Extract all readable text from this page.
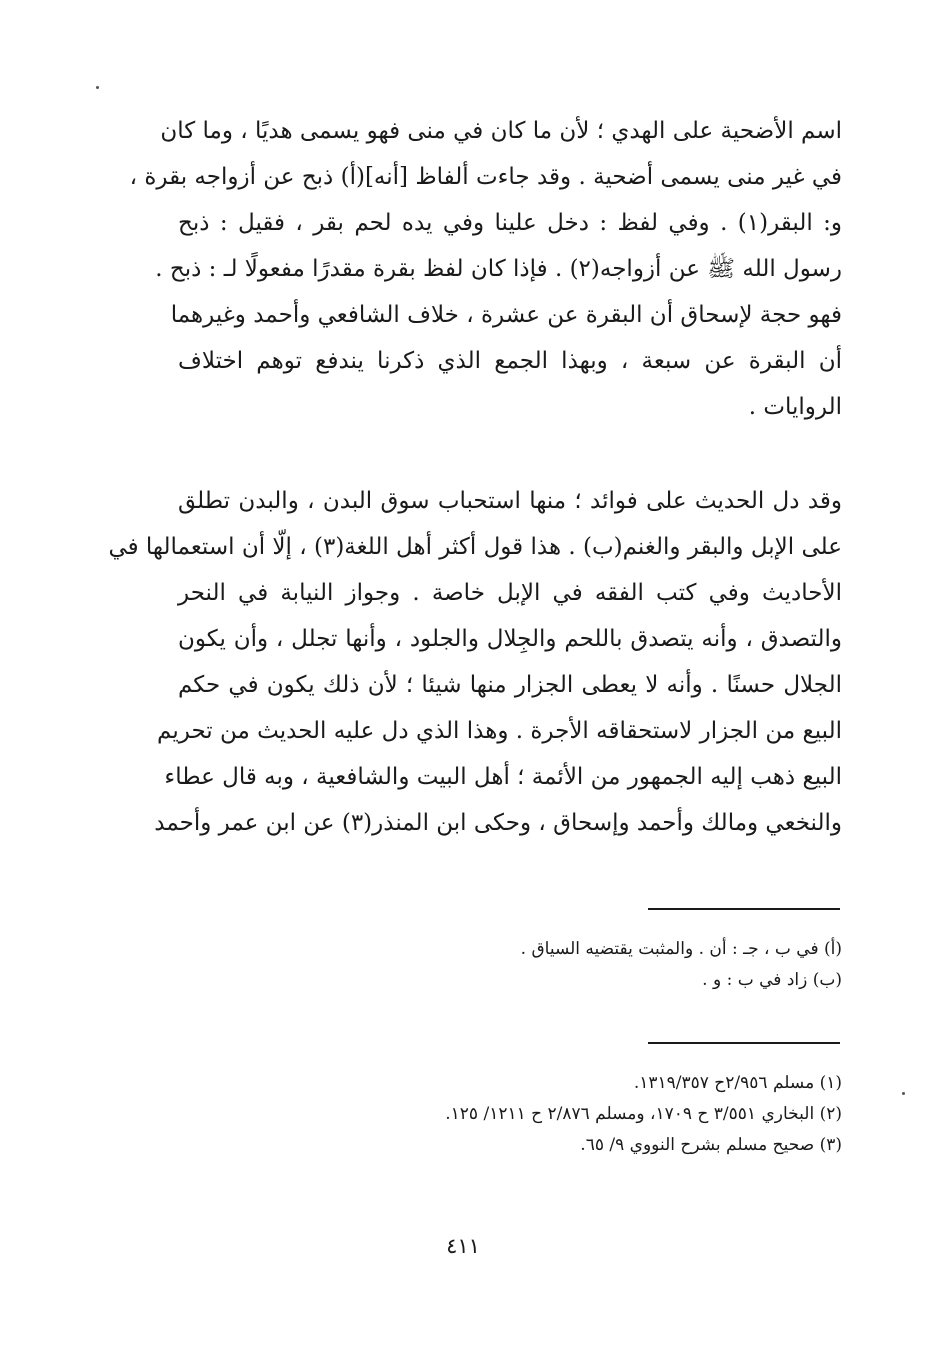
اسم الأضحية على الهدي ؛ لأن ما كان في منى فهو يسمى هديًا ، وما كان
في غير منى يسمى أضحية . وقد جاءت ألفاظ [أنه](أ) ذبح عن أزواجه بقرة ،
و: البقر(١) . وفي لفظ : دخل علينا وفي يده لحم بقر ، فقيل : ذبح
رسول الله ﷺ عن أزواجه(٢) . فإذا كان لفظ بقرة مقدرًا مفعولًا لـ : ذبح .
فهو حجة لإسحاق أن البقرة عن عشرة ، خلاف الشافعي وأحمد وغيرهما
أن البقرة عن سبعة ، وبهذا الجمع الذي ذكرنا يندفع توهم اختلاف
الروايات .
وقد دل الحديث على فوائد ؛ منها استحباب سوق البدن ، والبدن تطلق
على الإبل والبقر والغنم(ب) . هذا قول أكثر أهل اللغة(٣) ، إلّا أن استعمالها في
الأحاديث وفي كتب الفقه في الإبل خاصة . وجواز النيابة في النحر
والتصدق ، وأنه يتصدق باللحم والجِلال والجلود ، وأنها تجلل ، وأن يكون
الجلال حسنًا . وأنه لا يعطى الجزار منها شيئا ؛ لأن ذلك يكون في حكم
البيع من الجزار لاستحقاقه الأجرة . وهذا الذي دل عليه الحديث من تحريم
البيع ذهب إليه الجمهور من الأئمة ؛ أهل البيت والشافعية ، وبه قال عطاء
والنخعي ومالك وأحمد وإسحاق ، وحكى ابن المنذر(٣) عن ابن عمر وأحمد
(أ) في ب ، جـ : أن . والمثبت يقتضيه السياق .
(ب) زاد في ب : و .
(١) مسلم ٢/٩٥٦ح ١٣١٩/٣٥٧.
(٢) البخاري ٣/٥٥١ ح ١٧٠٩، ومسلم ٢/٨٧٦ ح ١٢١١/ ١٢٥.
(٣) صحيح مسلم بشرح النووي ٩/ ٦٥.
٤١١
